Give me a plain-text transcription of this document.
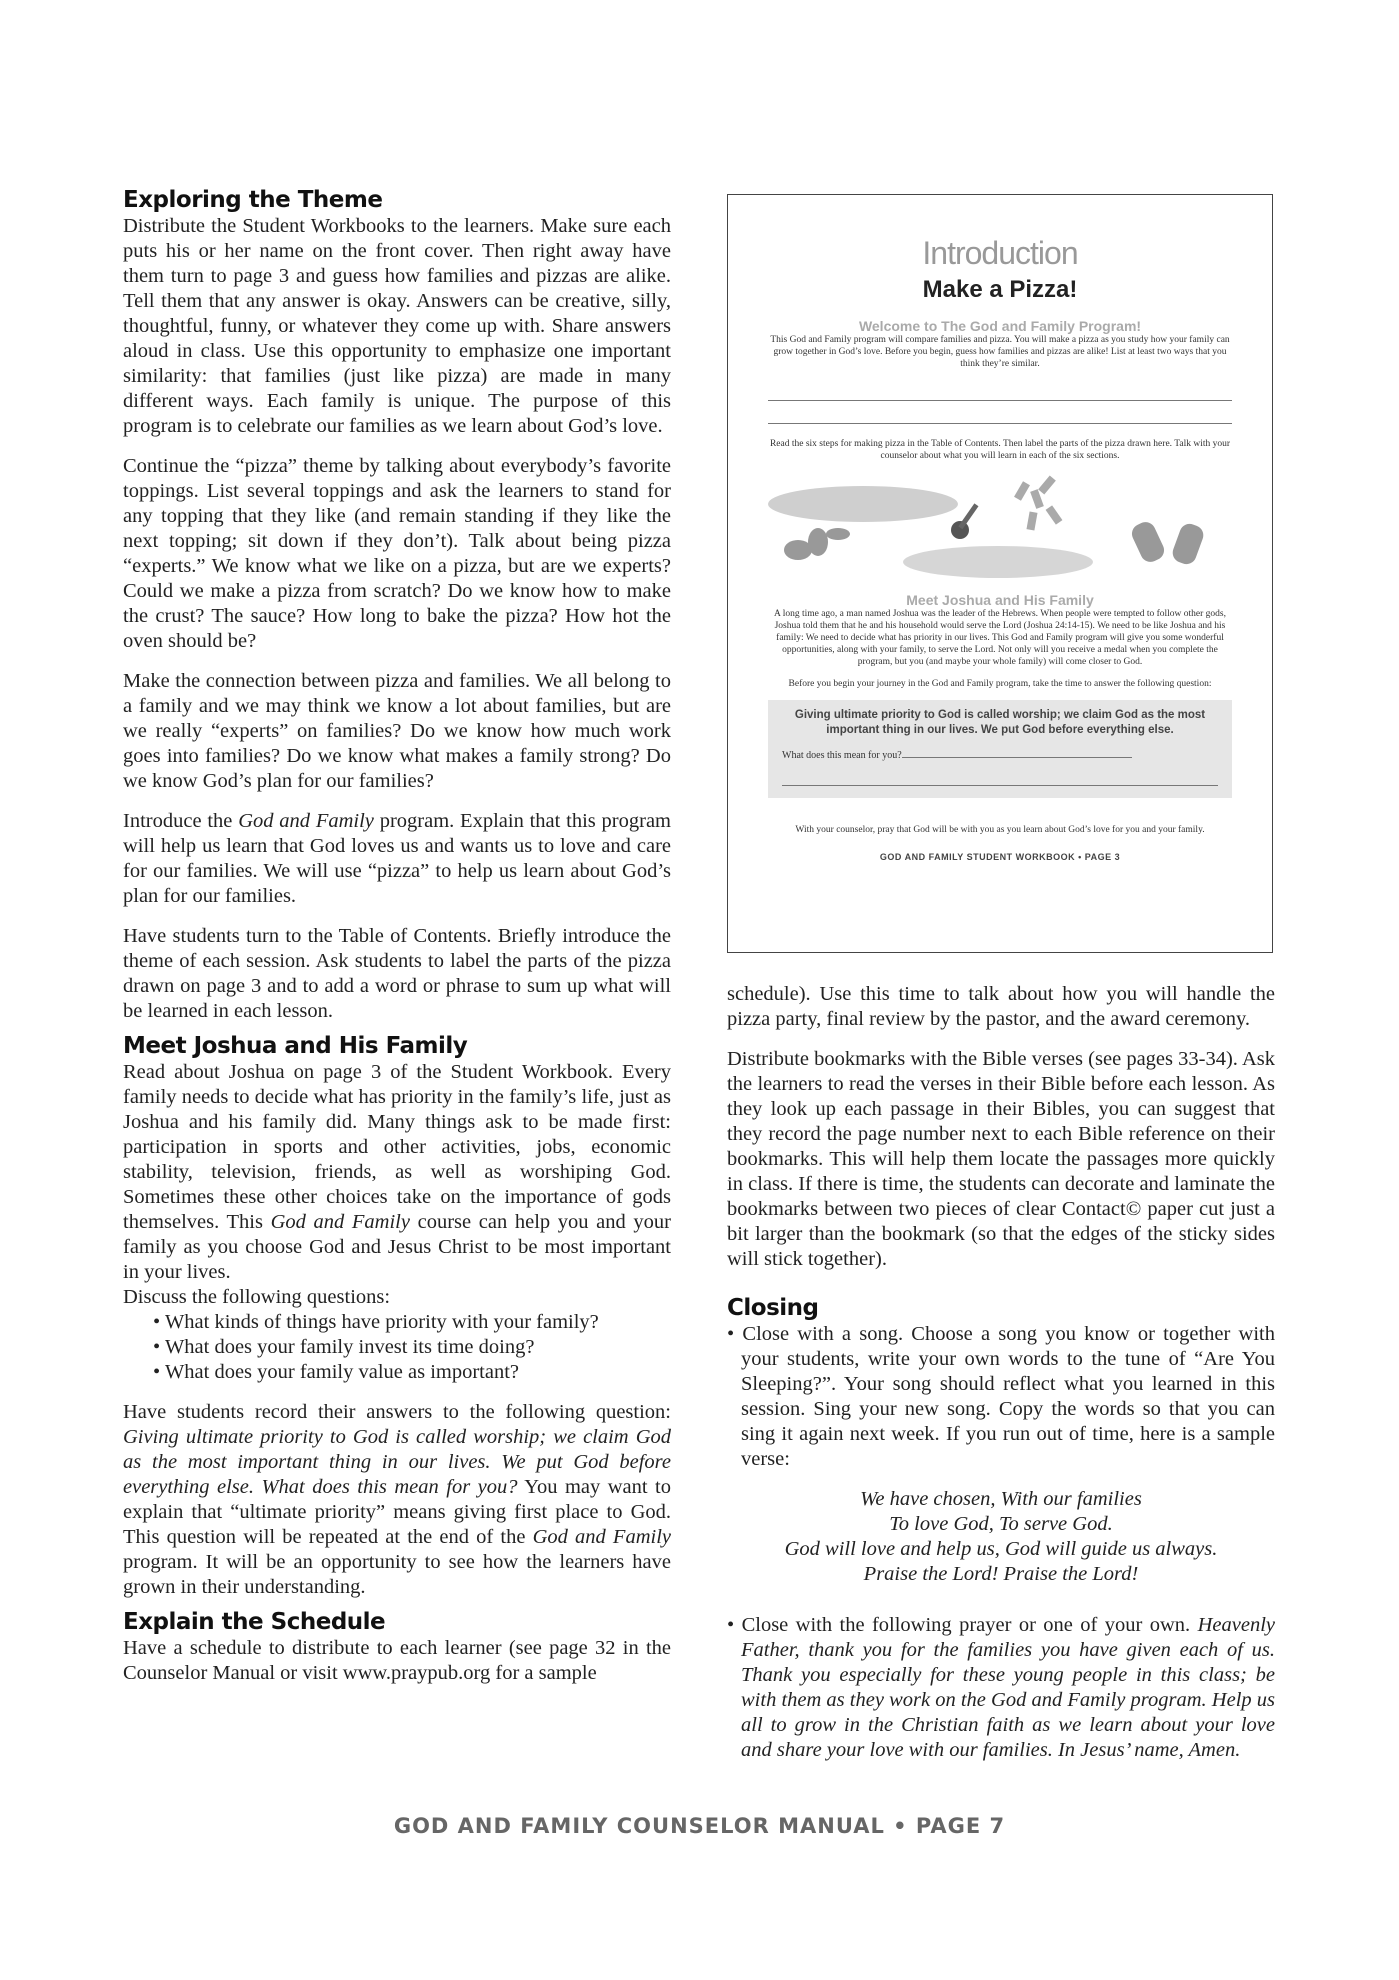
Exploring the Theme

Distribute the Student Workbooks to the learners. Make sure each puts his or her name on the front cover. Then right away have them turn to page 3 and guess how families and pizzas are alike. Tell them that any answer is okay. Answers can be creative, silly, thoughtful, funny, or whatever they come up with. Share answers aloud in class. Use this opportunity to emphasize one important similarity: that families (just like pizza) are made in many different ways. Each family is unique. The purpose of this program is to celebrate our families as we learn about God’s love.

Continue the “pizza” theme by talking about everybody’s favorite toppings. List several toppings and ask the learners to stand for any topping that they like (and remain standing if they like the next topping; sit down if they don’t). Talk about being pizza “experts.” We know what we like on a pizza, but are we experts? Could we make a pizza from scratch? Do we know how to make the crust? The sauce? How long to bake the pizza? How hot the oven should be?

Make the connection between pizza and families. We all belong to a family and we may think we know a lot about families, but are we really “experts” on families? Do we know how much work goes into families? Do we know what makes a family strong? Do we know God’s plan for our families?

Introduce the God and Family program. Explain that this program will help us learn that God loves us and wants us to love and care for our families. We will use “pizza” to help us learn about God’s plan for our families.

Have students turn to the Table of Contents. Briefly introduce the theme of each session. Ask students to label the parts of the pizza drawn on page 3 and to add a word or phrase to sum up what will be learned in each lesson.

Meet Joshua and His Family

Read about Joshua on page 3 of the Student Workbook. Every family needs to decide what has priority in the family’s life, just as Joshua and his family did. Many things ask to be made first: participation in sports and other activities, jobs, economic stability, television, friends, as well as worshiping God. Sometimes these other choices take on the importance of gods themselves. This God and Family course can help you and your family as you choose God and Jesus Christ to be most important in your lives.

Discuss the following questions:

• What kinds of things have priority with your family?
• What does your family invest its time doing?
• What does your family value as important?

Have students record their answers to the following question: Giving ultimate priority to God is called worship; we claim God as the most important thing in our lives. We put God before everything else. What does this mean for you? You may want to explain that “ultimate priority” means giving first place to God. This question will be repeated at the end of the God and Family program. It will be an opportunity to see how the learners have grown in their understanding.

Explain the Schedule

Have a schedule to distribute to each learner (see page 32 in the Counselor Manual or visit www.praypub.org for a sample

Introduction
Make a Pizza!
Welcome to The God and Family Program!
This God and Family program will compare families and pizza. You will make a pizza as you study how your family can grow together in God’s love. Before you begin, guess how families and pizzas are alike! List at least two ways that you think they’re similar.
Read the six steps for making pizza in the Table of Contents. Then label the parts of the pizza drawn here. Talk with your counselor about what you will learn in each of the six sections.
Meet Joshua and His Family
A long time ago, a man named Joshua was the leader of the Hebrews. When people were tempted to follow other gods, Joshua told them that he and his household would serve the Lord (Joshua 24:14-15). We need to be like Joshua and his family: We need to decide what has priority in our lives. This God and Family program will give you some wonderful opportunities, along with your family, to serve the Lord. Not only will you receive a medal when you complete the program, but you (and maybe your whole family) will come closer to God.
Before you begin your journey in the God and Family program, take the time to answer the following question:
Giving ultimate priority to God is called worship; we claim God as the most important thing in our lives. We put God before everything else.
What does this mean for you?
With your counselor, pray that God will be with you as you learn about God’s love for you and your family.
GOD AND FAMILY STUDENT WORKBOOK • PAGE 3

schedule). Use this time to talk about how you will handle the pizza party, final review by the pastor, and the award ceremony.

Distribute bookmarks with the Bible verses (see pages 33-34). Ask the learners to read the verses in their Bible before each lesson. As they look up each passage in their Bibles, you can suggest that they record the page number next to each Bible reference on their bookmarks. This will help them locate the passages more quickly in class. If there is time, the students can decorate and laminate the bookmarks between two pieces of clear Contact© paper cut just a bit larger than the bookmark (so that the edges of the sticky sides will stick together).

Closing

• Close with a song. Choose a song you know or together with your students, write your own words to the tune of “Are You Sleeping?”. Your song should reflect what you learned in this session. Sing your new song. Copy the words so that you can sing it again next week. If you run out of time, here is a sample verse:

We have chosen, With our families
To love God, To serve God.
God will love and help us, God will guide us always.
Praise the Lord! Praise the Lord!

• Close with the following prayer or one of your own. Heavenly Father, thank you for the families you have given each of us. Thank you especially for these young people in this class; be with them as they work on the God and Family program. Help us all to grow in the Christian faith as we learn about your love and share your love with our families. In Jesus’ name, Amen.

GOD AND FAMILY COUNSELOR MANUAL • PAGE 7
